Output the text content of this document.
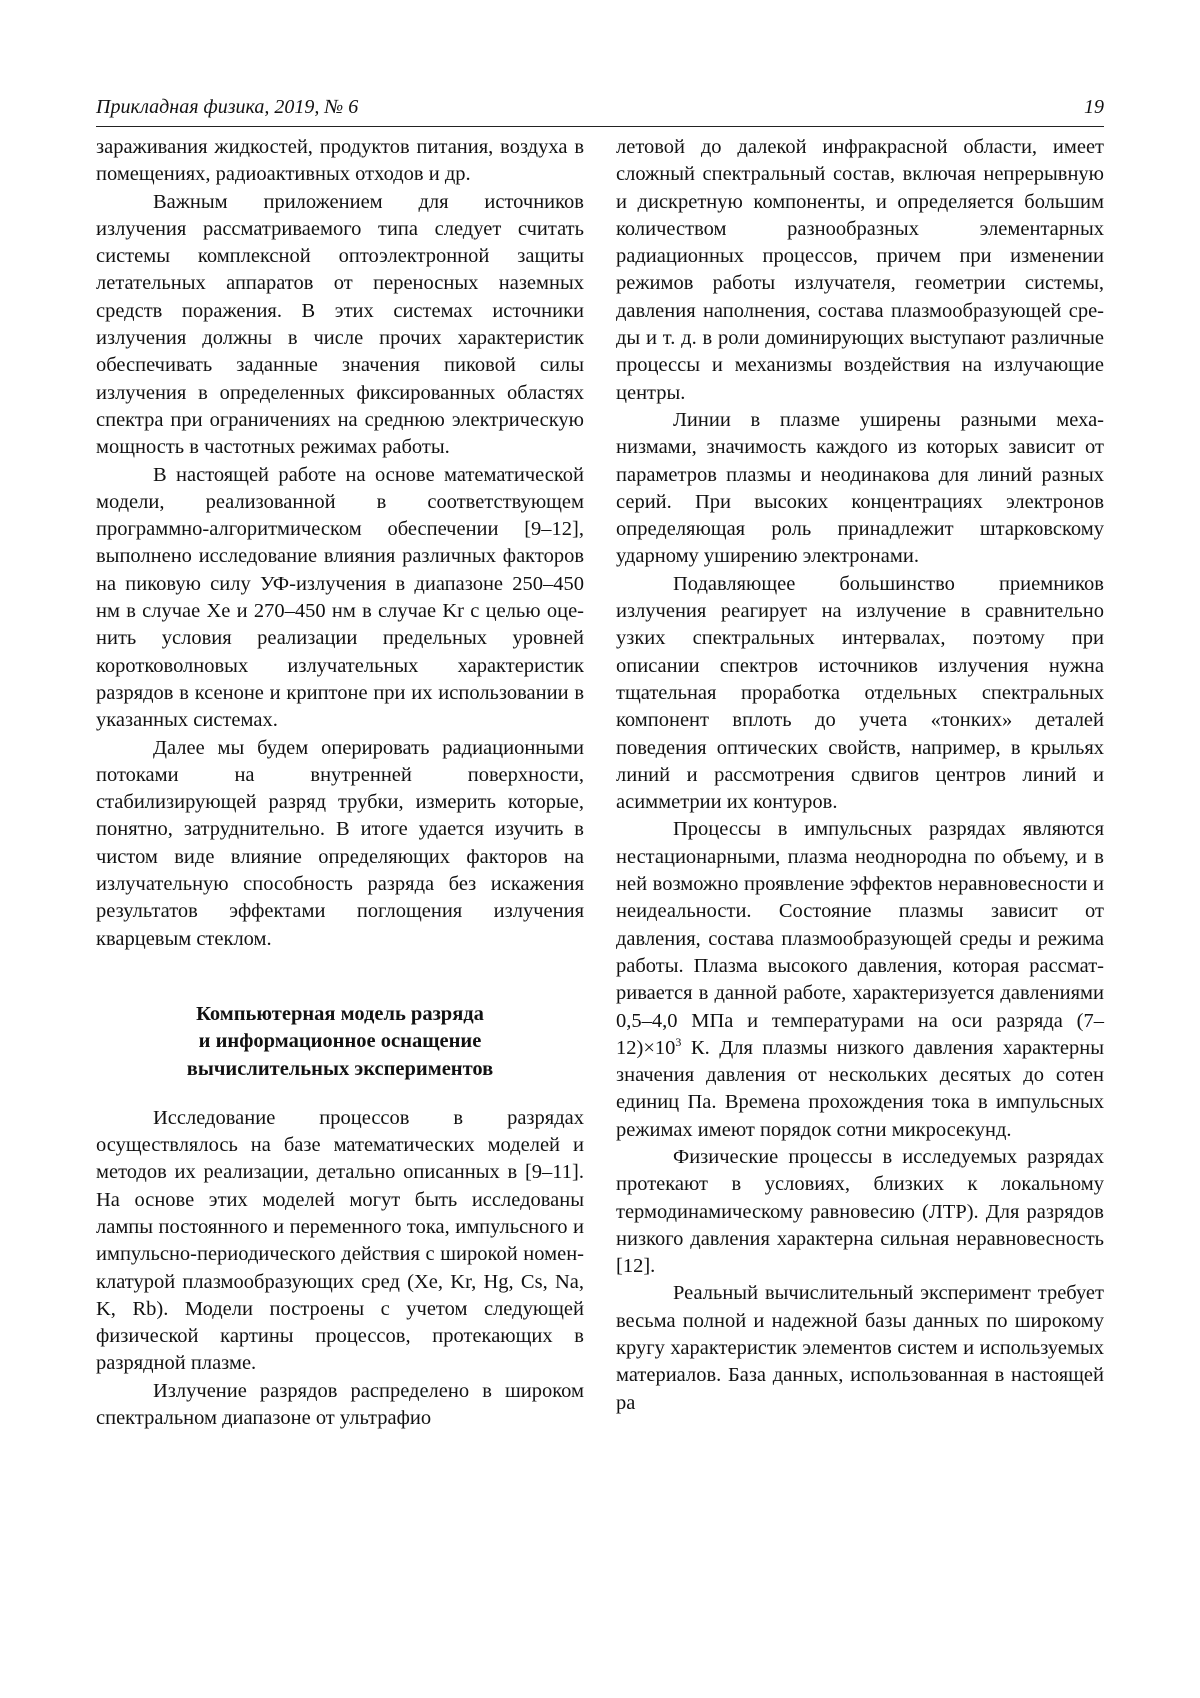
Прикладная физика, 2019, № 6	19

зараживания жидкостей, продуктов питания, воздуха в помещениях, радиоактивных отходов и др.

Важным приложением для источников излучения рассматриваемого типа следует считать системы комплексной оптоэлектронной защиты летательных аппаратов от переносных наземных средств поражения. В этих системах источники излучения должны в числе прочих характеристик обеспечивать заданные значения пиковой силы излучения в определенных фиксированных областях спектра при ограничениях на среднюю электрическую мощность в частотных режимах работы.

В настоящей работе на основе математической модели, реализованной в соответствующем программно-алгоритмическом обеспечении [9–12], выполнено исследование влияния различных факторов на пиковую силу УФ-излучения в диапазоне 250–450 нм в случае Xe и 270–450 нм в случае Kr с целью оценить условия реализации предельных уровней коротковолновых излучательных характеристик разрядов в ксеноне и криптоне при их использовании в указанных системах.

Далее мы будем оперировать радиационными потоками на внутренней поверхности, стабилизирующей разряд трубки, измерить которые, понятно, затруднительно. В итоге удается изучить в чистом виде влияние определяющих факторов на излучательную способность разряда без искажения результатов эффектами поглощения излучения кварцевым стеклом.

Компьютерная модель разряда
и информационное оснащение
вычислительных экспериментов

Исследование процессов в разрядах осуществлялось на базе математических моделей и методов их реализации, детально описанных в [9–11]. На основе этих моделей могут быть исследованы лампы постоянного и переменного тока, импульсного и импульсно-периодического действия с широкой номенклатурой плазмообразующих сред (Xe, Kr, Hg, Cs, Na, K, Rb). Модели построены с учетом следующей физической картины процессов, протекающих в разрядной плазме.

Излучение разрядов распределено в широком спектральном диапазоне от ультрафио

летовой до далекой инфракрасной области, имеет сложный спектральный состав, включая непрерывную и дискретную компоненты, и определяется большим количеством разнообразных элементарных радиационных процессов, причем при изменении режимов работы излучателя, геометрии системы, давления наполнения, состава плазмообразующей среды и т. д. в роли доминирующих выступают различные процессы и механизмы воздействия на излучающие центры.

Линии в плазме уширены разными механизмами, значимость каждого из которых зависит от параметров плазмы и неодинакова для линий разных серий. При высоких концентрациях электронов определяющая роль принадлежит штарковскому ударному уширению электронами.

Подавляющее большинство приемников излучения реагирует на излучение в сравнительно узких спектральных интервалах, поэтому при описании спектров источников излучения нужна тщательная проработка отдельных спектральных компонент вплоть до учета «тонких» деталей поведения оптических свойств, например, в крыльях линий и рассмотрения сдвигов центров линий и асимметрии их контуров.

Процессы в импульсных разрядах являются нестационарными, плазма неоднородна по объему, и в ней возможно проявление эффектов неравновесности и неидеальности. Состояние плазмы зависит от давления, состава плазмообразующей среды и режима работы. Плазма высокого давления, которая рассматривается в данной работе, характеризуется давлениями 0,5–4,0 МПа и температурами на оси разряда $(7-12)\times 10^3$ К. Для плазмы низкого давления характерны значения давления от нескольких десятых до сотен единиц Па. Времена прохождения тока в импульсных режимах имеют порядок сотни микросекунд.

Физические процессы в исследуемых разрядах протекают в условиях, близких к локальному термодинамическому равновесию (ЛТР). Для разрядов низкого давления характерна сильная неравновесность [12].

Реальный вычислительный эксперимент требует весьма полной и надежной базы данных по широкому кругу характеристик элементов систем и используемых материалов. База данных, использованная в настоящей ра
